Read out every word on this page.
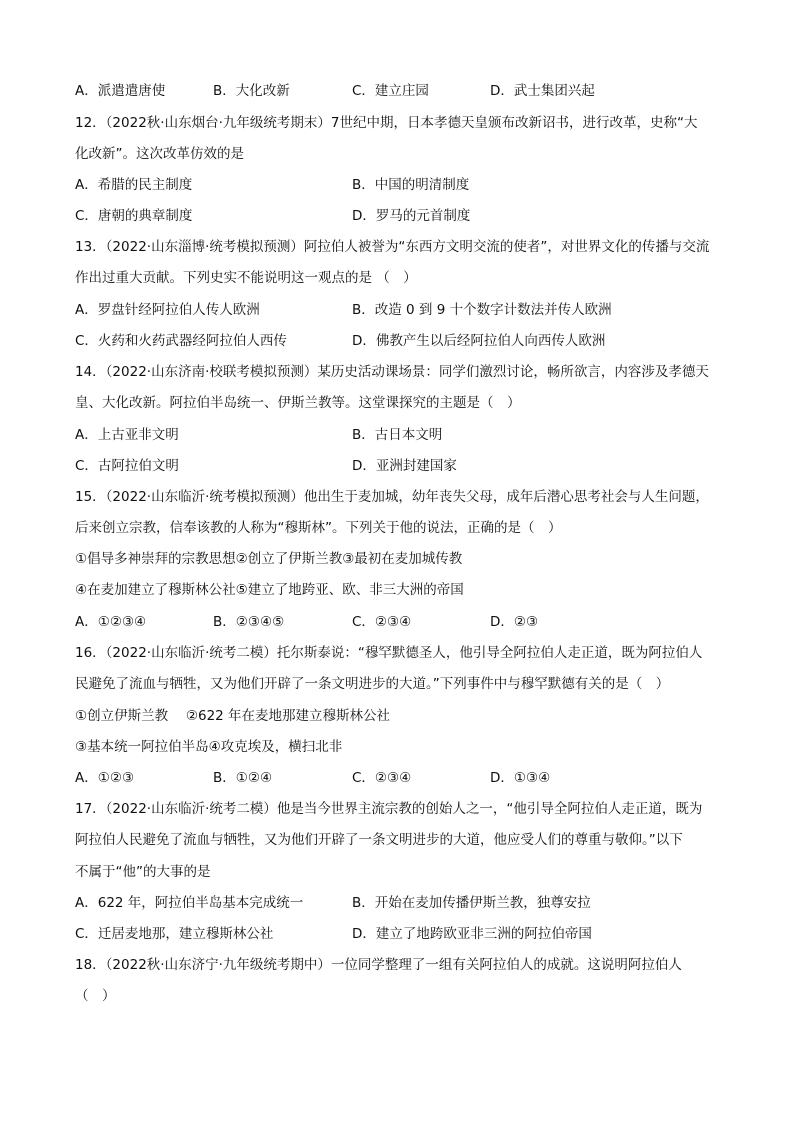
A．派遣遣唐使	B．大化改新	C．建立庄园	D．武士集团兴起
12．（2022秋·山东烟台·九年级统考期末）7世纪中期，日本孝德天皇颁布改新诏书，进行改革，史称“大
化改新”。这次改革仿效的是
A．希腊的民主制度	B．中国的明清制度
C．唐朝的典章制度	D．罗马的元首制度
13．（2022·山东淄博·统考模拟预测）阿拉伯人被誉为“东西方文明交流的使者”，对世界文化的传播与交流
作出过重大贡献。下列史实不能说明这一观点的是 （　）
A．罗盘针经阿拉伯人传人欧洲	B．改造 0 到 9 十个数字计数法并传人欧洲
C．火药和火药武器经阿拉伯人西传	D．佛教产生以后经阿拉伯人向西传人欧洲
14．（2022·山东济南·校联考模拟预测）某历史活动课场景：同学们激烈讨论，畅所欲言，内容涉及孝德天
皇、大化改新。阿拉伯半岛统一、伊斯兰教等。这堂课探究的主题是（　）
A．上古亚非文明	B．古日本文明
C．古阿拉伯文明	D．亚洲封建国家
15．（2022·山东临沂·统考模拟预测）他出生于麦加城，幼年丧失父母，成年后潜心思考社会与人生问题，
后来创立宗教，信奉该教的人称为“穆斯林”。下列关于他的说法，正确的是（　）
①倡导多神崇拜的宗教思想②创立了伊斯兰教③最初在麦加城传教
④在麦加建立了穆斯林公社⑤建立了地跨亚、欧、非三大洲的帝国
A．①②③④	B．②③④⑤	C．②③④	D．②③
16．（2022·山东临沂·统考二模）托尔斯泰说：“穆罕默德圣人，他引导全阿拉伯人走正道，既为阿拉伯人
民避免了流血与牺牲，又为他们开辟了一条文明进步的大道。”下列事件中与穆罕默德有关的是（　）
①创立伊斯兰教　 ②622 年在麦地那建立穆斯林公社
③基本统一阿拉伯半岛④攻克埃及，横扫北非
A．①②③	B．①②④	C．②③④	D．①③④
17．（2022·山东临沂·统考二模）他是当今世界主流宗教的创始人之一，“他引导全阿拉伯人走正道，既为
阿拉伯人民避免了流血与牺牲，又为他们开辟了一条文明进步的大道，他应受人们的尊重与敬仰。”以下
不属于“他”的大事的是
A．622 年，阿拉伯半岛基本完成统一	B．开始在麦加传播伊斯兰教，独尊安拉
C．迁居麦地那，建立穆斯林公社	D．建立了地跨欧亚非三洲的阿拉伯帝国
18．（2022秋·山东济宁·九年级统考期中）一位同学整理了一组有关阿拉伯人的成就。这说明阿拉伯人
（　）
